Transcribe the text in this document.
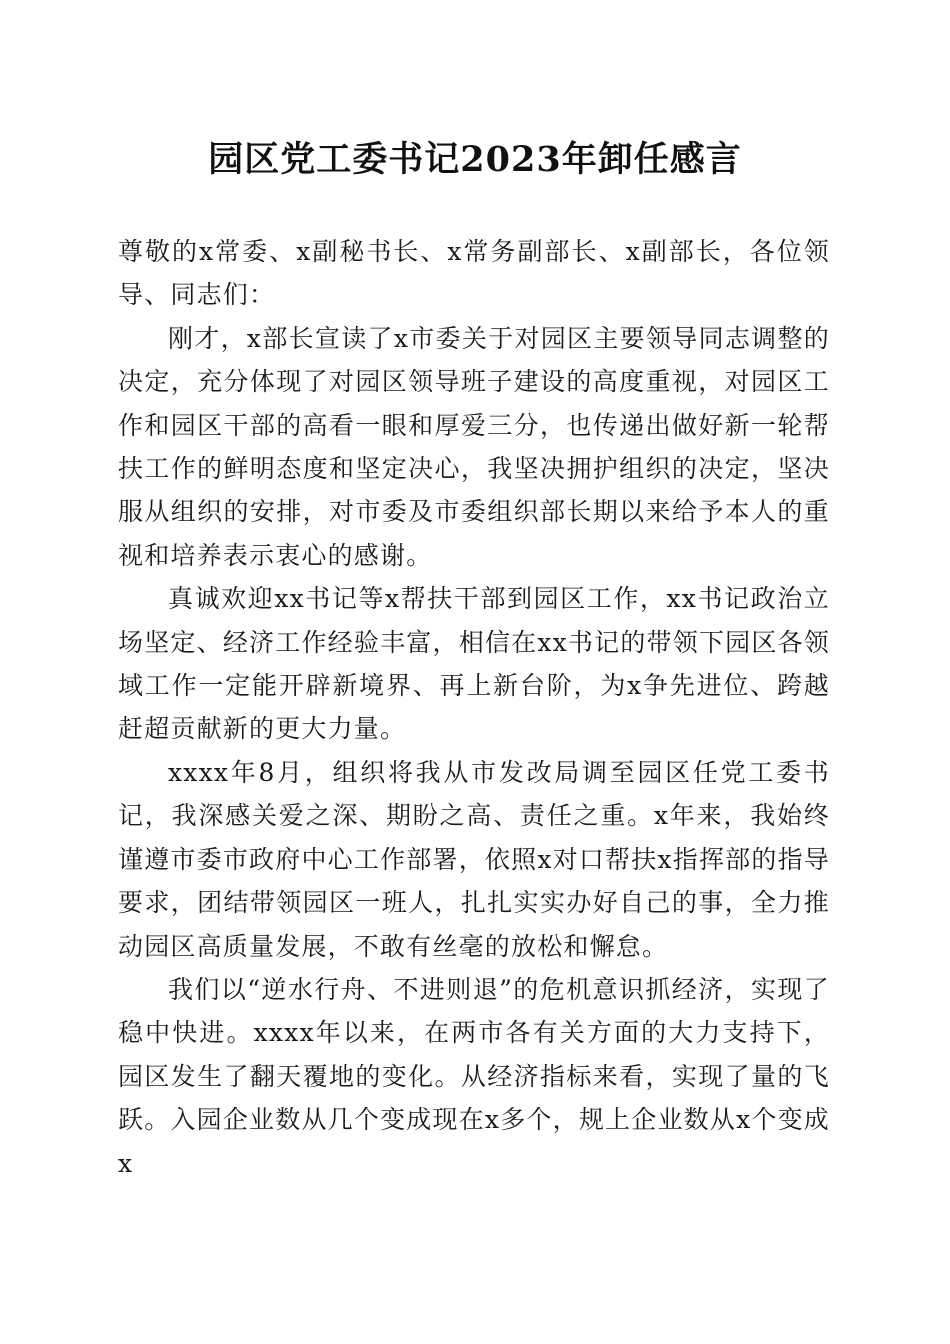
园区党工委书记2023年卸任感言

尊敬的x常委、x副秘书长、x常务副部长、x副部长，各位领导、同志们：

刚才，x部长宣读了x市委关于对园区主要领导同志调整的决定，充分体现了对园区领导班子建设的高度重视，对园区工作和园区干部的高看一眼和厚爱三分，也传递出做好新一轮帮扶工作的鲜明态度和坚定决心，我坚决拥护组织的决定，坚决服从组织的安排，对市委及市委组织部长期以来给予本人的重视和培养表示衷心的感谢。

真诚欢迎xx书记等x帮扶干部到园区工作，xx书记政治立场坚定、经济工作经验丰富，相信在xx书记的带领下园区各领域工作一定能开辟新境界、再上新台阶，为x争先进位、跨越赶超贡献新的更大力量。

xxxx年8月，组织将我从市发改局调至园区任党工委书记，我深感关爱之深、期盼之高、责任之重。x年来，我始终谨遵市委市政府中心工作部署，依照x对口帮扶x指挥部的指导要求，团结带领园区一班人，扎扎实实办好自己的事，全力推动园区高质量发展，不敢有丝毫的放松和懈怠。

我们以“逆水行舟、不进则退”的危机意识抓经济，实现了稳中快进。xxxx年以来，在两市各有关方面的大力支持下，园区发生了翻天覆地的变化。从经济指标来看，实现了量的飞跃。入园企业数从几个变成现在x多个，规上企业数从x个变成x
